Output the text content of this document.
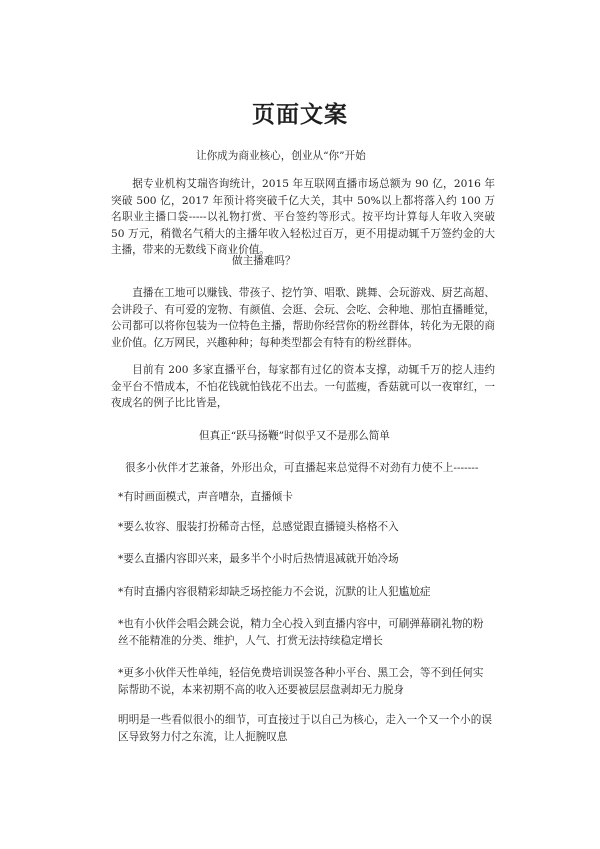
页面文案
让你成为商业核心，创业从“你”开始

据专业机构艾瑞咨询统计，2015 年互联网直播市场总额为 90 亿，2016 年突破 500 亿，2017 年预计将突破千亿大关，其中 50%以上都将落入约 100 万名职业主播口袋-----以礼物打赏、平台签约等形式。按平均计算每人年收入突破 50 万元，稍微名气稍大的主播年收入轻松过百万，更不用提动辄千万签约金的大主播，带来的无数线下商业价值。

做主播难吗？

直播在工地可以赚钱、带孩子、挖竹笋、唱歌、跳舞、会玩游戏、厨艺高超、会讲段子、有可爱的宠物、有颜值、会逛、会玩、会吃、会种地、那怕直播睡觉，公司都可以将你包装为一位特色主播，帮助你经营你的粉丝群体，转化为无限的商业价值。亿万网民，兴趣种种；每种类型都会有特有的粉丝群体。

目前有 200 多家直播平台，每家都有过亿的资本支撑，动辄千万的挖人违约金平台不惜成本，不怕花钱就怕钱花不出去。一句蓝瘦，香菇就可以一夜窜红，一夜成名的例子比比皆是，

但真正“跃马扬鞭”时似乎又不是那么简单
很多小伙伴才艺兼备，外形出众，可直播起来总觉得不对劲有力使不上-------

*有时画面模式，声音嘈杂，直播倾卡

*要么妆容、服装打扮稀奇古怪，总感觉跟直播镜头格格不入

*要么直播内容即兴来，最多半个小时后热情退减就开始冷场

*有时直播内容很精彩却缺乏场控能力不会说，沉默的让人犯尴尬症

*也有小伙伴会唱会跳会说，精力全心投入到直播内容中，可刷弹幕刷礼物的粉丝不能精准的分类、维护，人气、打赏无法持续稳定增长

*更多小伙伴天性单纯，轻信免费培训误签各种小平台、黑工会，等不到任何实际帮助不说，本来初期不高的收入还要被层层盘剥却无力脱身

明明是一些看似很小的细节，可直接过于以自己为核心，走入一个又一个小的误区导致努力付之东流，让人扼腕叹息
